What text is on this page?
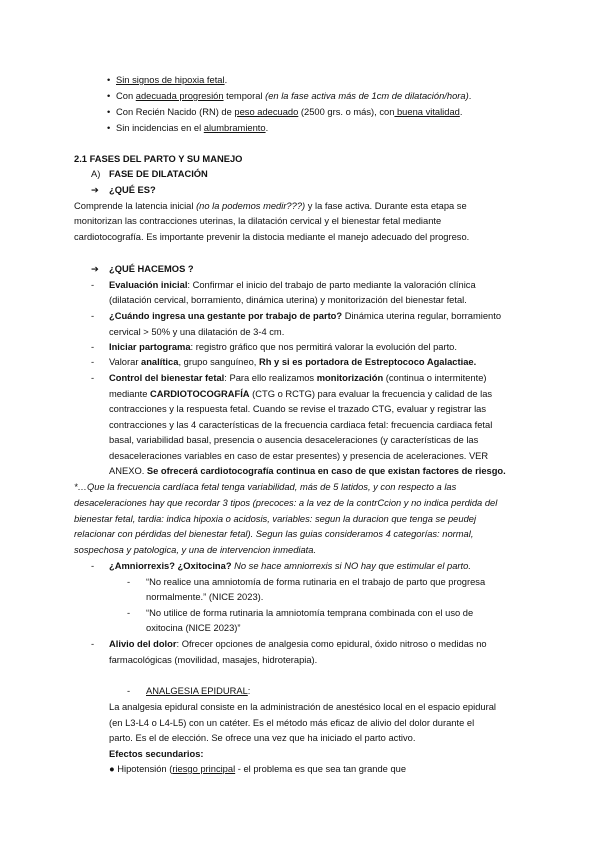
• Sin signos de hipoxia fetal.
• Con adecuada progresión temporal (en la fase activa más de 1cm de dilatación/hora).
• Con Recién Nacido (RN) de peso adecuado (2500 grs. o más), con buena vitalidad.
• Sin incidencias en el alumbramiento.
2.1 FASES DEL PARTO Y SU MANEJO
A) FASE DE DILATACIÓN
➔ ¿QUÉ ES?
Comprende la latencia inicial (no la podemos medir???) y la fase activa. Durante esta etapa se
monitorizan las contracciones uterinas, la dilatación cervical y el bienestar fetal mediante
cardiotocografía. Es importante prevenir la distocia mediante el manejo adecuado del progreso.
➔ ¿QUÉ HACEMOS ?
- Evaluación inicial: Confirmar el inicio del trabajo de parto mediante la valoración clínica
(dilatación cervical, borramiento, dinámica uterina) y monitorización del bienestar fetal.
- ¿Cuándo ingresa una gestante por trabajo de parto? Dinámica uterina regular, borramiento
cervical > 50% y una dilatación de 3-4 cm.
- Iniciar partograma: registro gráfico que nos permitirá valorar la evolución del parto.
- Valorar analítica, grupo sanguíneo, Rh y si es portadora de Estreptococo Agalactiae.
- Control del bienestar fetal: Para ello realizamos monitorización (continua o intermitente)
mediante CARDIOTOCOGRAFÍA (CTG o RCTG) para evaluar la frecuencia y calidad de las
contracciones y la respuesta fetal. Cuando se revise el trazado CTG, evaluar y registrar las
contracciones y las 4 características de la frecuencia cardiaca fetal: frecuencia cardiaca fetal
basal, variabilidad basal, presencia o ausencia desaceleraciones (y características de las
desaceleraciones variables en caso de estar presentes) y presencia de aceleraciones. VER
ANEXO. Se ofrecerá cardiotocografía continua en caso de que existan factores de riesgo.
*…Que la frecuencia cardíaca fetal tenga variabilidad, más de 5 latidos, y con respecto a las
desaceleraciones hay que recordar 3 tipos (precoces: a la vez de la contrCcion y no indica perdida del
bienestar fetal, tardia: indica hipoxia o acidosis, variables: segun la duracion que tenga se peudej
relacionar con pérdidas del bienestar fetal). Segun las guias consideramos 4 categorías: normal,
sospechosa y patologica, y una de intervencion inmediata.
- ¿Amniorrexis? ¿Oxitocina? No se hace amniorrexis si NO hay que estimular el parto.
- “No realice una amniotomía de forma rutinaria en el trabajo de parto que progresa
normalmente.” (NICE 2023).
- “No utilice de forma rutinaria la amniotomía temprana combinada con el uso de
oxitocina (NICE 2023)”
- Alivio del dolor: Ofrecer opciones de analgesia como epidural, óxido nitroso o medidas no
farmacológicas (movilidad, masajes, hidroterapia).
- ANALGESIA EPIDURAL:
La analgesia epidural consiste en la administración de anestésico local en el espacio epidural
(en L3-L4 o L4-L5) con un catéter. Es el método más eficaz de alivio del dolor durante el
parto. Es el de elección. Se ofrece una vez que ha iniciado el parto activo.
Efectos secundarios:
● Hipotensión (riesgo principal - el problema es que sea tan grande que
